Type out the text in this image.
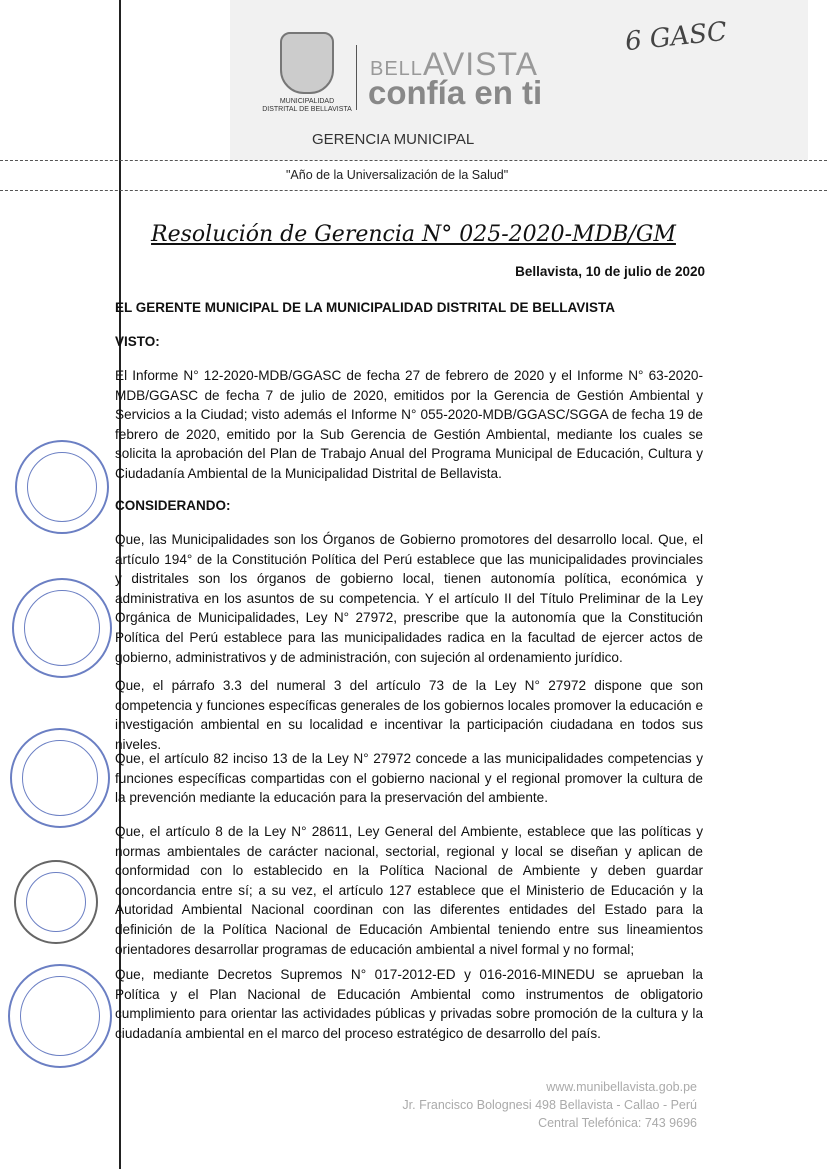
MUNICIPALIDAD DISTRITAL DE BELLAVISTA
BELLAVISTA
confía en ti
GERENCIA MUNICIPAL
6 GASC
"Año de la Universalización de la Salud"
Resolución de Gerencia N° 025-2020-MDB/GM
Bellavista, 10 de julio de 2020
EL GERENTE MUNICIPAL DE LA MUNICIPALIDAD DISTRITAL DE BELLAVISTA
VISTO:
El Informe N° 12-2020-MDB/GGASC de fecha 27 de febrero de 2020 y el Informe N° 63-2020-MDB/GGASC de fecha 7 de julio de 2020, emitidos por la Gerencia de Gestión Ambiental y Servicios a la Ciudad; visto además el Informe N° 055-2020-MDB/GGASC/SGGA de fecha 19 de febrero de 2020, emitido por la Sub Gerencia de Gestión Ambiental, mediante los cuales se solicita la aprobación del Plan de Trabajo Anual del Programa Municipal de Educación, Cultura y Ciudadanía Ambiental de la Municipalidad Distrital de Bellavista.
CONSIDERANDO:
Que, las Municipalidades son los Órganos de Gobierno promotores del desarrollo local. Que, el artículo 194° de la Constitución Política del Perú establece que las municipalidades provinciales y distritales son los órganos de gobierno local, tienen autonomía política, económica y administrativa en los asuntos de su competencia. Y el artículo II del Título Preliminar de la Ley Orgánica de Municipalidades, Ley N° 27972, prescribe que la autonomía que la Constitución Política del Perú establece para las municipalidades radica en la facultad de ejercer actos de gobierno, administrativos y de administración, con sujeción al ordenamiento jurídico.
Que, el párrafo 3.3 del numeral 3 del artículo 73 de la Ley N° 27972 dispone que son competencia y funciones específicas generales de los gobiernos locales promover la educación e investigación ambiental en su localidad e incentivar la participación ciudadana en todos sus niveles.
Que, el artículo 82 inciso 13 de la Ley N° 27972 concede a las municipalidades competencias y funciones específicas compartidas con el gobierno nacional y el regional promover la cultura de la prevención mediante la educación para la preservación del ambiente.
Que, el artículo 8 de la Ley N° 28611, Ley General del Ambiente, establece que las políticas y normas ambientales de carácter nacional, sectorial, regional y local se diseñan y aplican de conformidad con lo establecido en la Política Nacional de Ambiente y deben guardar concordancia entre sí; a su vez, el artículo 127 establece que el Ministerio de Educación y la Autoridad Ambiental Nacional coordinan con las diferentes entidades del Estado para la definición de la Política Nacional de Educación Ambiental teniendo entre sus lineamientos orientadores desarrollar programas de educación ambiental a nivel formal y no formal;
Que, mediante Decretos Supremos N° 017-2012-ED y 016-2016-MINEDU se aprueban la Política y el Plan Nacional de Educación Ambiental como instrumentos de obligatorio cumplimiento para orientar las actividades públicas y privadas sobre promoción de la cultura y la ciudadanía ambiental en el marco del proceso estratégico de desarrollo del país.
www.munibellavista.gob.pe
Jr. Francisco Bolognesi 498 Bellavista - Callao - Perú
Central Telefónica: 743 9696
